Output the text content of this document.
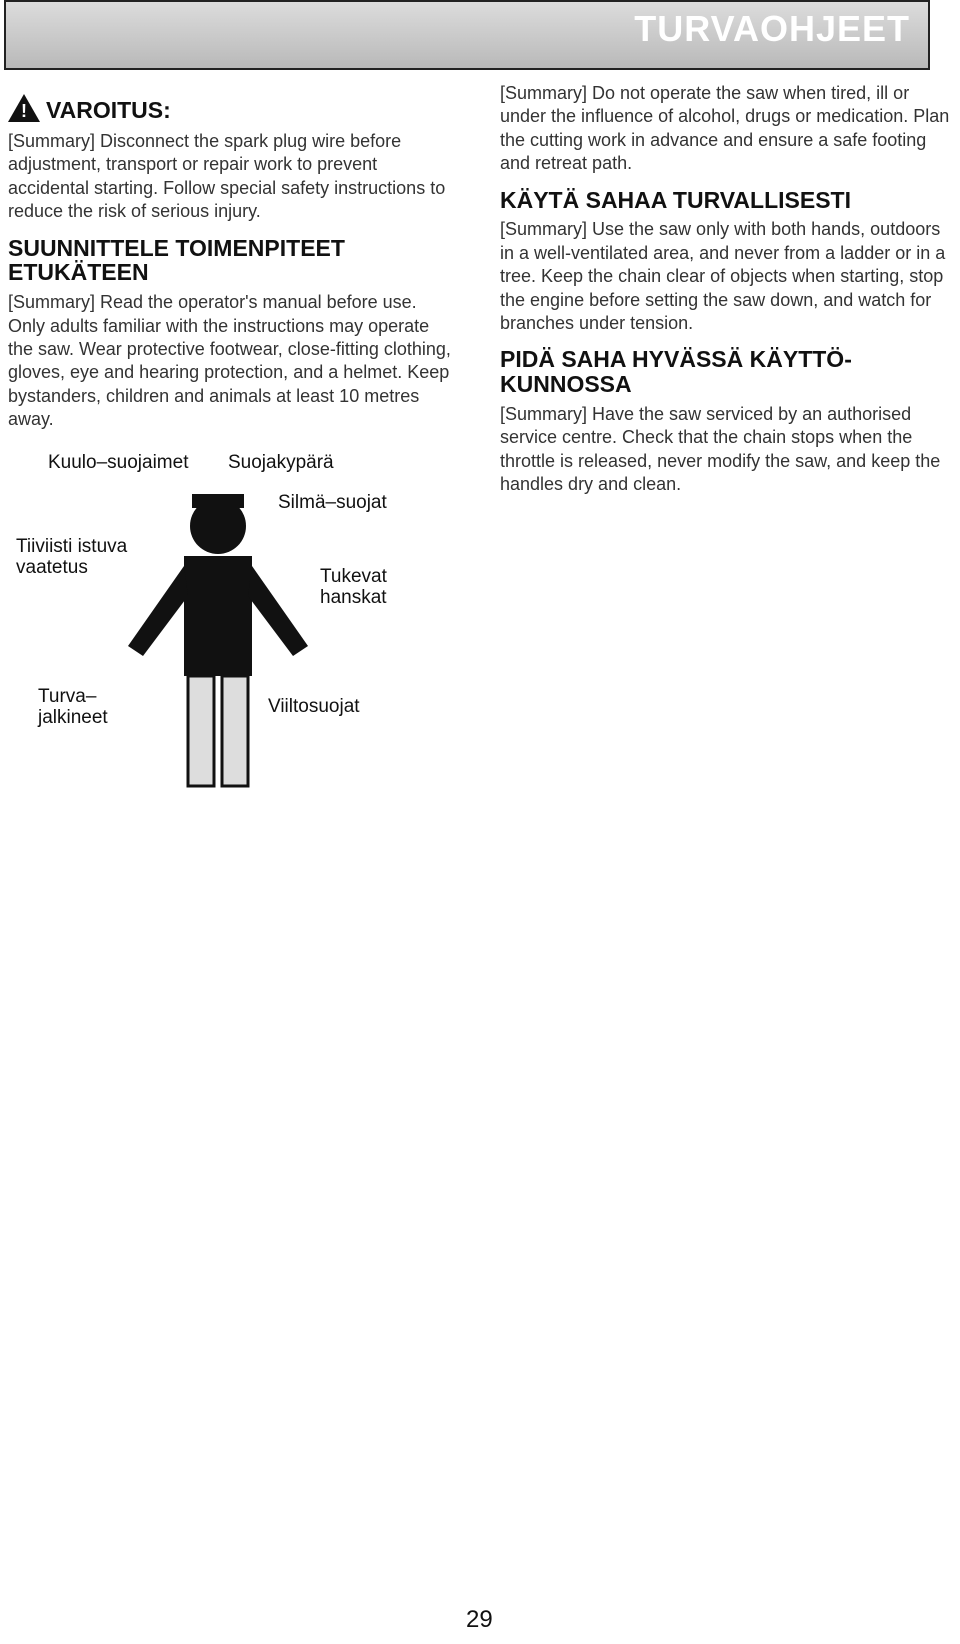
TURVAOHJEET
!VAROITUS:

[Summary] Disconnect the spark plug wire before adjustment, transport or repair work to prevent accidental starting. Follow special safety instructions to reduce the risk of serious injury.

SUUNNITTELE TOIMENPITEET ETUKÄTEEN

[Summary] Read the operator's manual before use. Only adults familiar with the instructions may operate the saw. Wear protective footwear, close-fitting clothing, gloves, eye and hearing protection, and a helmet. Keep bystanders, children and animals at least 10 metres away.

Kuulo–suojaimet Suojakypärä
Silmä–suojat
Tiiviisti istuva vaatetus	Tukevat hanskat
Turva–jalkineet
Viiltosuojat

[Summary] Do not operate the saw when tired, ill or under the influence of alcohol, drugs or medication. Plan the cutting work in advance and ensure a safe footing and retreat path.

KÄYTÄ SAHAA TURVALLISESTI

[Summary] Use the saw only with both hands, outdoors in a well-ventilated area, and never from a ladder or in a tree. Keep the chain clear of objects when starting, stop the engine before setting the saw down, and watch for branches under tension.

PIDÄ SAHA HYVÄSSÄ KÄYTTÖKUNNOSSA

[Summary] Have the saw serviced by an authorised service centre. Check that the chain stops when the throttle is released, never modify the saw, and keep the handles dry and clean.

29
